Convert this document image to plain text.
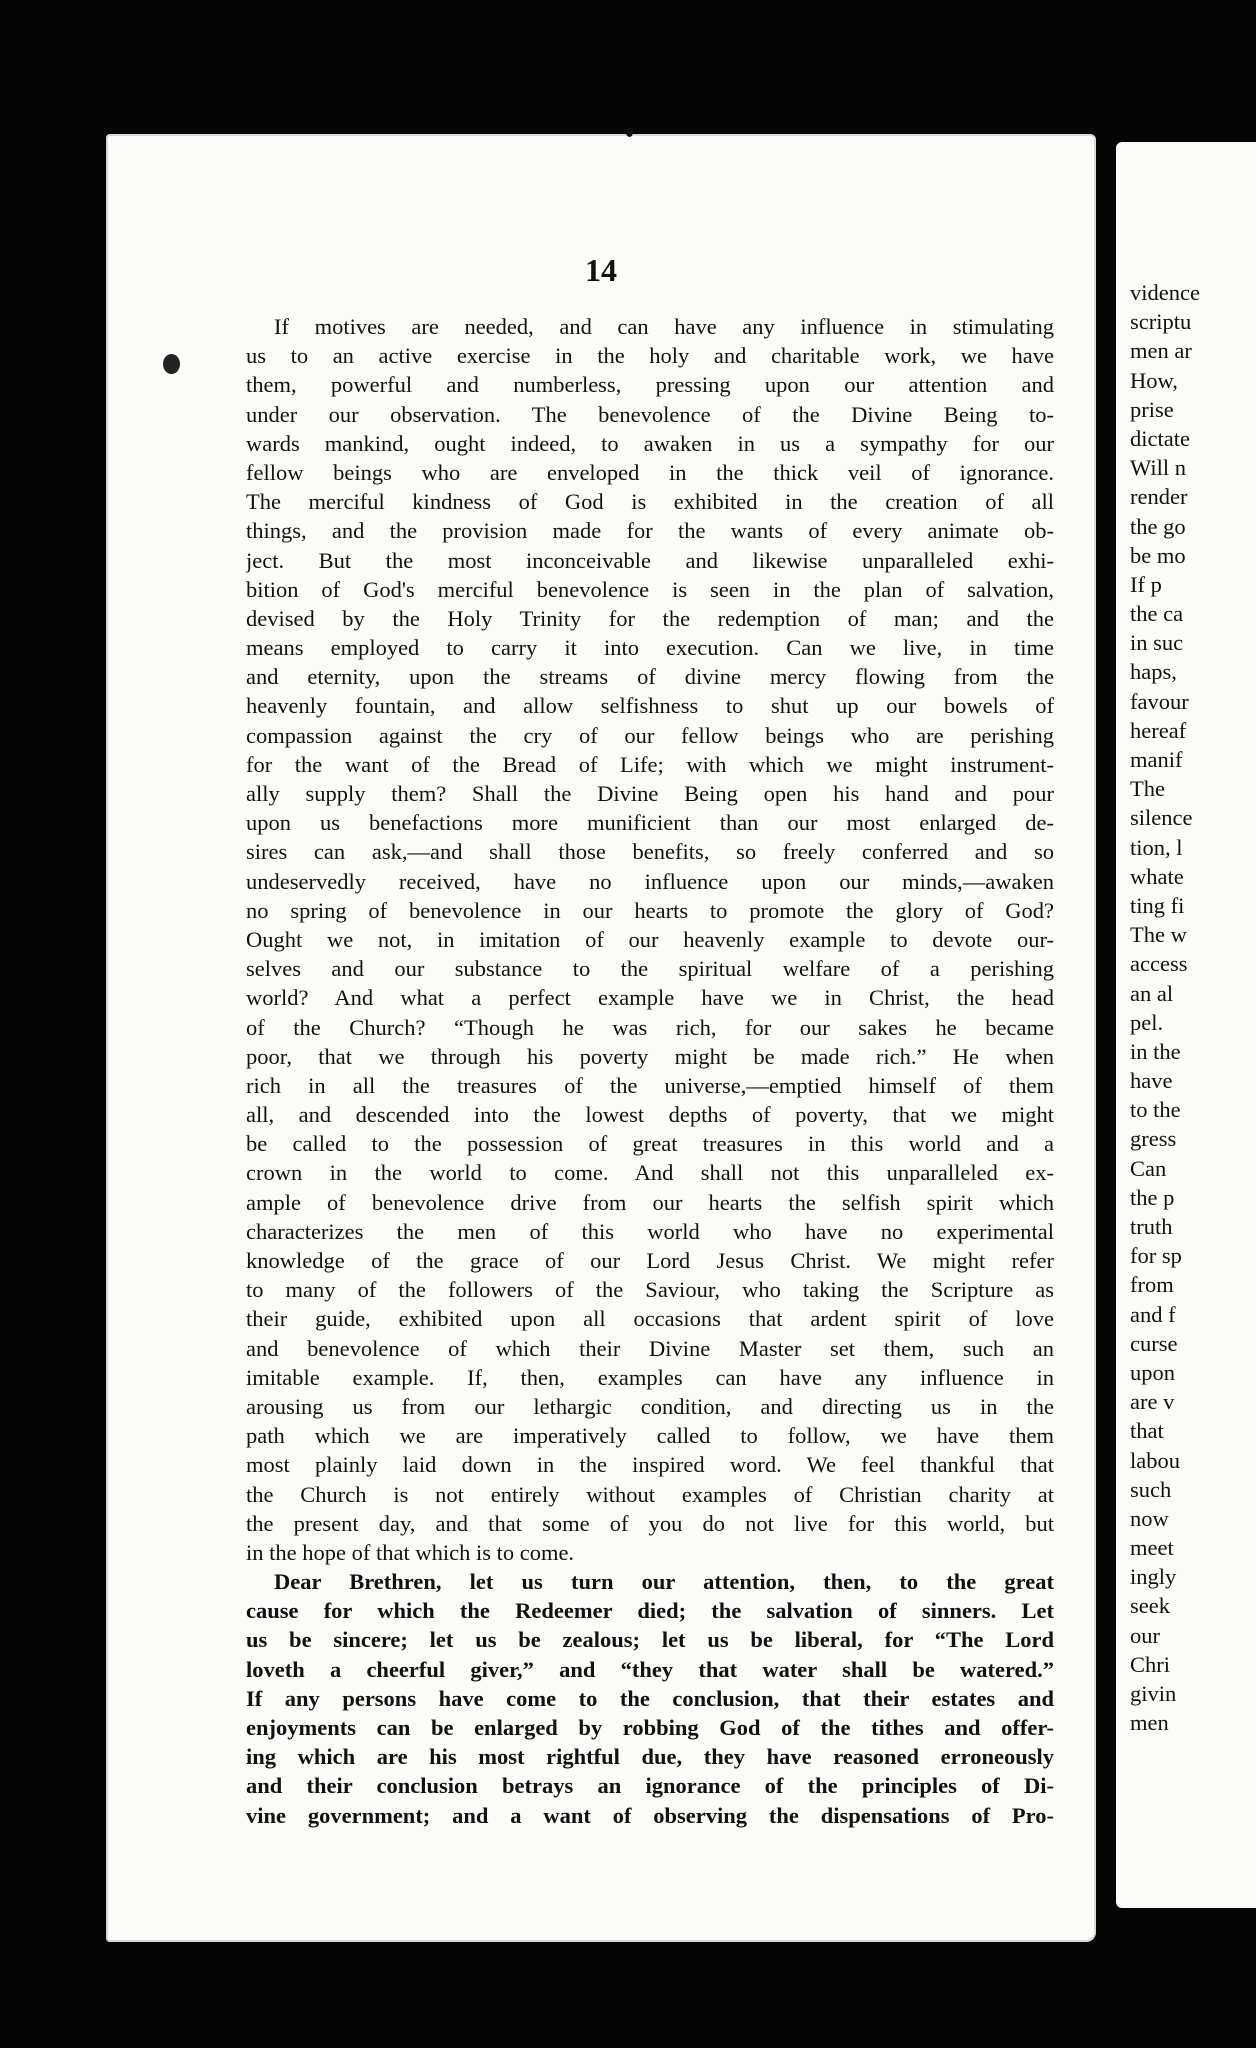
14
If motives are needed, and can have any influence in stimulating
us to an active exercise in the holy and charitable work, we have
them, powerful and numberless, pressing upon our attention and
under our observation. The benevolence of the Divine Being to-
wards mankind, ought indeed, to awaken in us a sympathy for our
fellow beings who are enveloped in the thick veil of ignorance.
The merciful kindness of God is exhibited in the creation of all
things, and the provision made for the wants of every animate ob-
ject. But the most inconceivable and likewise unparalleled exhi-
bition of God's merciful benevolence is seen in the plan of salvation,
devised by the Holy Trinity for the redemption of man; and the
means employed to carry it into execution. Can we live, in time
and eternity, upon the streams of divine mercy flowing from the
heavenly fountain, and allow selfishness to shut up our bowels of
compassion against the cry of our fellow beings who are perishing
for the want of the Bread of Life; with which we might instrument-
ally supply them? Shall the Divine Being open his hand and pour
upon us benefactions more munificient than our most enlarged de-
sires can ask,—and shall those benefits, so freely conferred and so
undeservedly received, have no influence upon our minds,—awaken
no spring of benevolence in our hearts to promote the glory of God?
Ought we not, in imitation of our heavenly example to devote our-
selves and our substance to the spiritual welfare of a perishing
world? And what a perfect example have we in Christ, the head
of the Church? “Though he was rich, for our sakes he became
poor, that we through his poverty might be made rich.” He when
rich in all the treasures of the universe,—emptied himself of them
all, and descended into the lowest depths of poverty, that we might
be called to the possession of great treasures in this world and a
crown in the world to come. And shall not this unparalleled ex-
ample of benevolence drive from our hearts the selfish spirit which
characterizes the men of this world who have no experimental
knowledge of the grace of our Lord Jesus Christ. We might refer
to many of the followers of the Saviour, who taking the Scripture as
their guide, exhibited upon all occasions that ardent spirit of love
and benevolence of which their Divine Master set them, such an
imitable example. If, then, examples can have any influence in
arousing us from our lethargic condition, and directing us in the
path which we are imperatively called to follow, we have them
most plainly laid down in the inspired word. We feel thankful that
the Church is not entirely without examples of Christian charity at
the present day, and that some of you do not live for this world, but
in the hope of that which is to come.
Dear Brethren, let us turn our attention, then, to the great
cause for which the Redeemer died; the salvation of sinners. Let
us be sincere; let us be zealous; let us be liberal, for “The Lord
loveth a cheerful giver,” and “they that water shall be watered.”
If any persons have come to the conclusion, that their estates and
enjoyments can be enlarged by robbing God of the tithes and offer-
ing which are his most rightful due, they have reasoned erroneously
and their conclusion betrays an ignorance of the principles of Di-
vine government; and a want of observing the dispensations of Pro-
vidence
scriptu
men ar
How,
prise
dictate
Will n
render
the go
be mo
If p
the ca
in suc
haps,
favour
hereaf
manif
The
silence
tion, l
whate
ting fi
The w
access
an al
pel.
in the
have
to the
gress
Can
the p
truth
for sp
from
and f
curse
upon
are v
that
labou
such
now
meet
ingly
seek
our
Chri
givin
men
